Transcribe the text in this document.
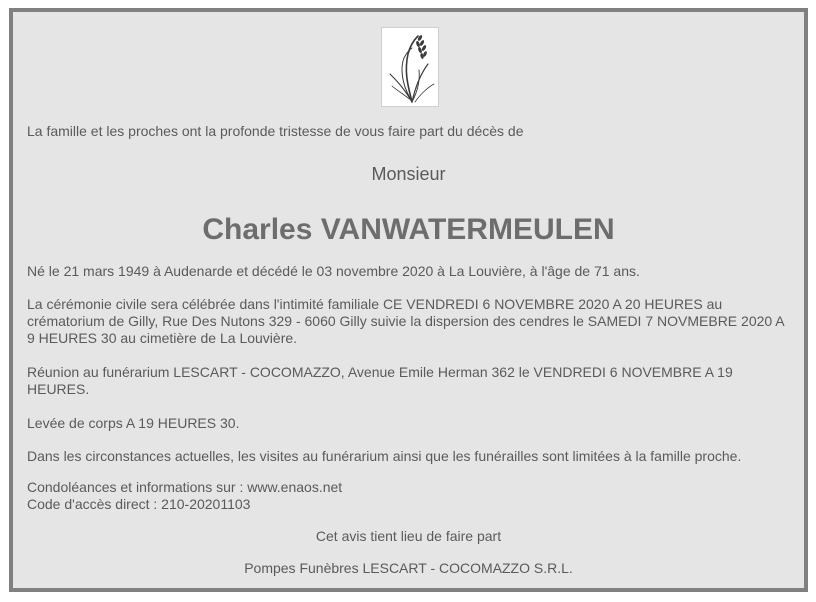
La famille et les proches ont la profonde tristesse de vous faire part du décès de
Monsieur
Charles VANWATERMEULEN
Né le 21 mars 1949 à Audenarde et décédé le 03 novembre 2020 à La Louvière, à l'âge de 71 ans.
La cérémonie civile sera célébrée dans l'intimité familiale CE VENDREDI 6 NOVEMBRE 2020 A 20 HEURES au crématorium de Gilly, Rue Des Nutons 329 - 6060 Gilly suivie la dispersion des cendres le SAMEDI 7 NOVMEBRE 2020 A 9 HEURES 30 au cimetière de La Louvière.
Réunion au funérarium LESCART - COCOMAZZO, Avenue Emile Herman 362 le VENDREDI 6 NOVEMBRE A 19 HEURES.
Levée de corps A 19 HEURES 30.
Dans les circonstances actuelles, les visites au funérarium ainsi que les funérailles sont limitées à la famille proche.
Condoléances et informations sur : www.enaos.net
Code d'accès direct : 210-20201103
Cet avis tient lieu de faire part
Pompes Funèbres LESCART - COCOMAZZO S.R.L.
